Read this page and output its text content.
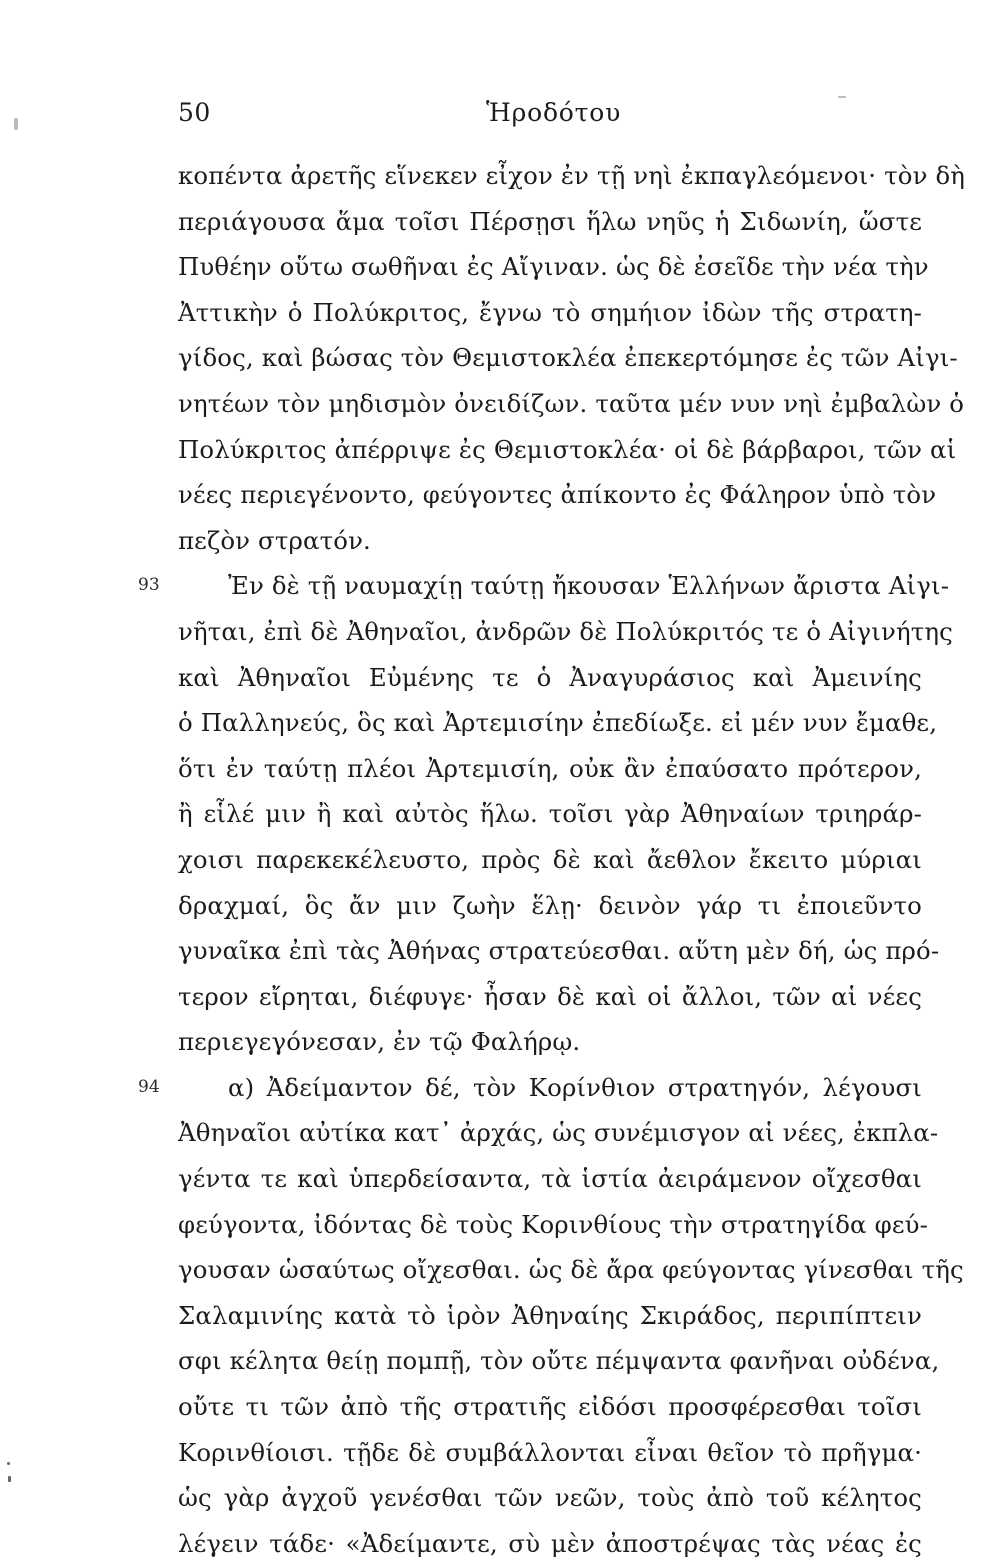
50	Ἡροδότου
κοπέντα ἀρετῆς εἵνεκεν εἶχον ἐν τῇ νηὶ ἐκπαγλεόμενοι· τὸν δὴ
περιάγουσα ἅμα τοῖσι Πέρσῃσι ἥλω νηῦς ἡ Σιδωνίη, ὥστε
Πυθέην οὕτω σωθῆναι ἐς Αἴγιναν. ὡς δὲ ἐσεῖδε τὴν νέα τὴν
Ἀττικὴν ὁ Πολύκριτος, ἔγνω τὸ σημήιον ἰδὼν τῆς στρατη-
γίδος, καὶ βώσας τὸν Θεμιστοκλέα ἐπεκερτόμησε ἐς τῶν Αἰγι-
νητέων τὸν μηδισμὸν ὀνειδίζων. ταῦτα μέν νυν νηὶ ἐμβαλὼν ὁ
Πολύκριτος ἀπέρριψε ἐς Θεμιστοκλέα· οἱ δὲ βάρβαροι, τῶν αἱ
νέες περιεγένοντο, φεύγοντες ἀπίκοντο ἐς Φάληρον ὑπὸ τὸν
πεζὸν στρατόν.
93	Ἐν δὲ τῇ ναυμαχίῃ ταύτῃ ἤκουσαν Ἑλλήνων ἄριστα Αἰγι-
νῆται, ἐπὶ δὲ Ἀθηναῖοι, ἀνδρῶν δὲ Πολύκριτός τε ὁ Αἰγινήτης
καὶ Ἀθηναῖοι Εὐμένης τε ὁ Ἀναγυράσιος καὶ Ἀμεινίης
ὁ Παλληνεύς, ὃς καὶ Ἀρτεμισίην ἐπεδίωξε. εἰ μέν νυν ἔμαθε,
ὅτι ἐν ταύτῃ πλέοι Ἀρτεμισίη, οὐκ ἂν ἐπαύσατο πρότερον,
ἢ εἷλέ μιν ἢ καὶ αὐτὸς ἥλω. τοῖσι γὰρ Ἀθηναίων τριηράρ-
χοισι παρεκεκέλευστο, πρὸς δὲ καὶ ἄεθλον ἔκειτο μύριαι
δραχμαί, ὃς ἄν μιν ζωὴν ἕλῃ· δεινὸν γάρ τι ἐποιεῦντο
γυναῖκα ἐπὶ τὰς Ἀθήνας στρατεύεσθαι. αὕτη μὲν δή, ὡς πρό-
τερον εἴρηται, διέφυγε· ἦσαν δὲ καὶ οἱ ἄλλοι, τῶν αἱ νέες
περιεγεγόνεσαν, ἐν τῷ Φαλήρῳ.
94	α) Ἀδείμαντον δέ, τὸν Κορίνθιον στρατηγόν, λέγουσι
Ἀθηναῖοι αὐτίκα κατ᾽ ἀρχάς, ὡς συνέμισγον αἱ νέες, ἐκπλα-
γέντα τε καὶ ὑπερδείσαντα, τὰ ἱστία ἀειράμενον οἴχεσθαι
φεύγοντα, ἰδόντας δὲ τοὺς Κορινθίους τὴν στρατηγίδα φεύ-
γουσαν ὡσαύτως οἴχεσθαι. ὡς δὲ ἄρα φεύγοντας γίνεσθαι τῆς
Σαλαμινίης κατὰ τὸ ἱρὸν Ἀθηναίης Σκιράδος, περιπίπτειν
σφι κέλητα θείῃ πομπῇ, τὸν οὔτε πέμψαντα φανῆναι οὐδένα,
οὔτε τι τῶν ἀπὸ τῆς στρατιῆς εἰδόσι προσφέρεσθαι τοῖσι
Κορινθίοισι. τῇδε δὲ συμβάλλονται εἶναι θεῖον τὸ πρῆγμα·
ὡς γὰρ ἀγχοῦ γενέσθαι τῶν νεῶν, τοὺς ἀπὸ τοῦ κέλητος
λέγειν τάδε· «Ἀδείμαντε, σὺ μὲν ἀποστρέψας τὰς νέας ἐς
